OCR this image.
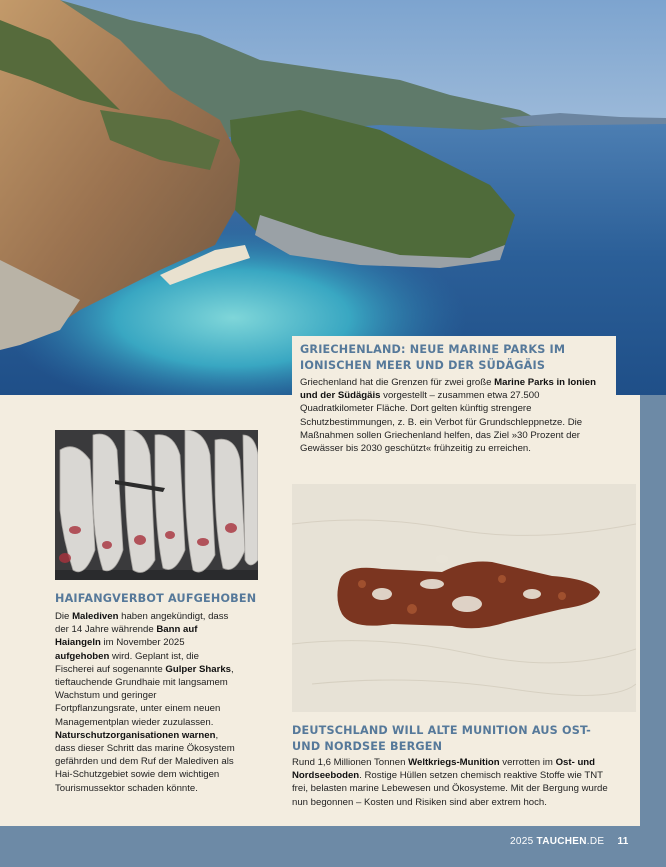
GRIECHENLAND: NEUE MARINE PARKS IM IONISCHEN MEER UND DER SÜDÄGÄIS
Griechenland hat die Grenzen für zwei große Marine Parks in Ionien und der Südägäis vorgestellt – zusammen etwa 27.500 Quadratkilometer Fläche. Dort gelten künftig strengere Schutzbestimmungen, z. B. ein Verbot für Grundschleppnetze. Die Maßnahmen sollen Griechenland helfen, das Ziel »30 Prozent der Gewässer bis 2030 geschützt« frühzeitig zu erreichen.
HAIFANGVERBOT AUFGEHOBEN
Die Malediven haben angekündigt, dass der 14 Jahre währende Bann auf Haiangeln im November 2025 aufgehoben wird. Geplant ist, die Fischerei auf sogenannte Gulper Sharks, tieftauchende Grundhaie mit langsamem Wachstum und geringer Fortpflanzungsrate, unter einem neuen Managementplan wieder zuzulassen. Naturschutzorganisationen warnen, dass dieser Schritt das marine Ökosystem gefährden und dem Ruf der Malediven als Hai-Schutzgebiet sowie dem wichtigen Tourismussektor schaden könnte.
DEUTSCHLAND WILL ALTE MUNITION AUS OST- UND NORDSEE BERGEN
Rund 1,6 Millionen Tonnen Weltkriegs-Munition verrotten im Ost- und Nordseeboden. Rostige Hüllen setzen chemisch reaktive Stoffe wie TNT frei, belasten marine Lebewesen und Ökosysteme. Mit der Bergung wurde nun begonnen – Kosten und Risiken sind aber extrem hoch.
2025 TAUCHEN.DE 11
